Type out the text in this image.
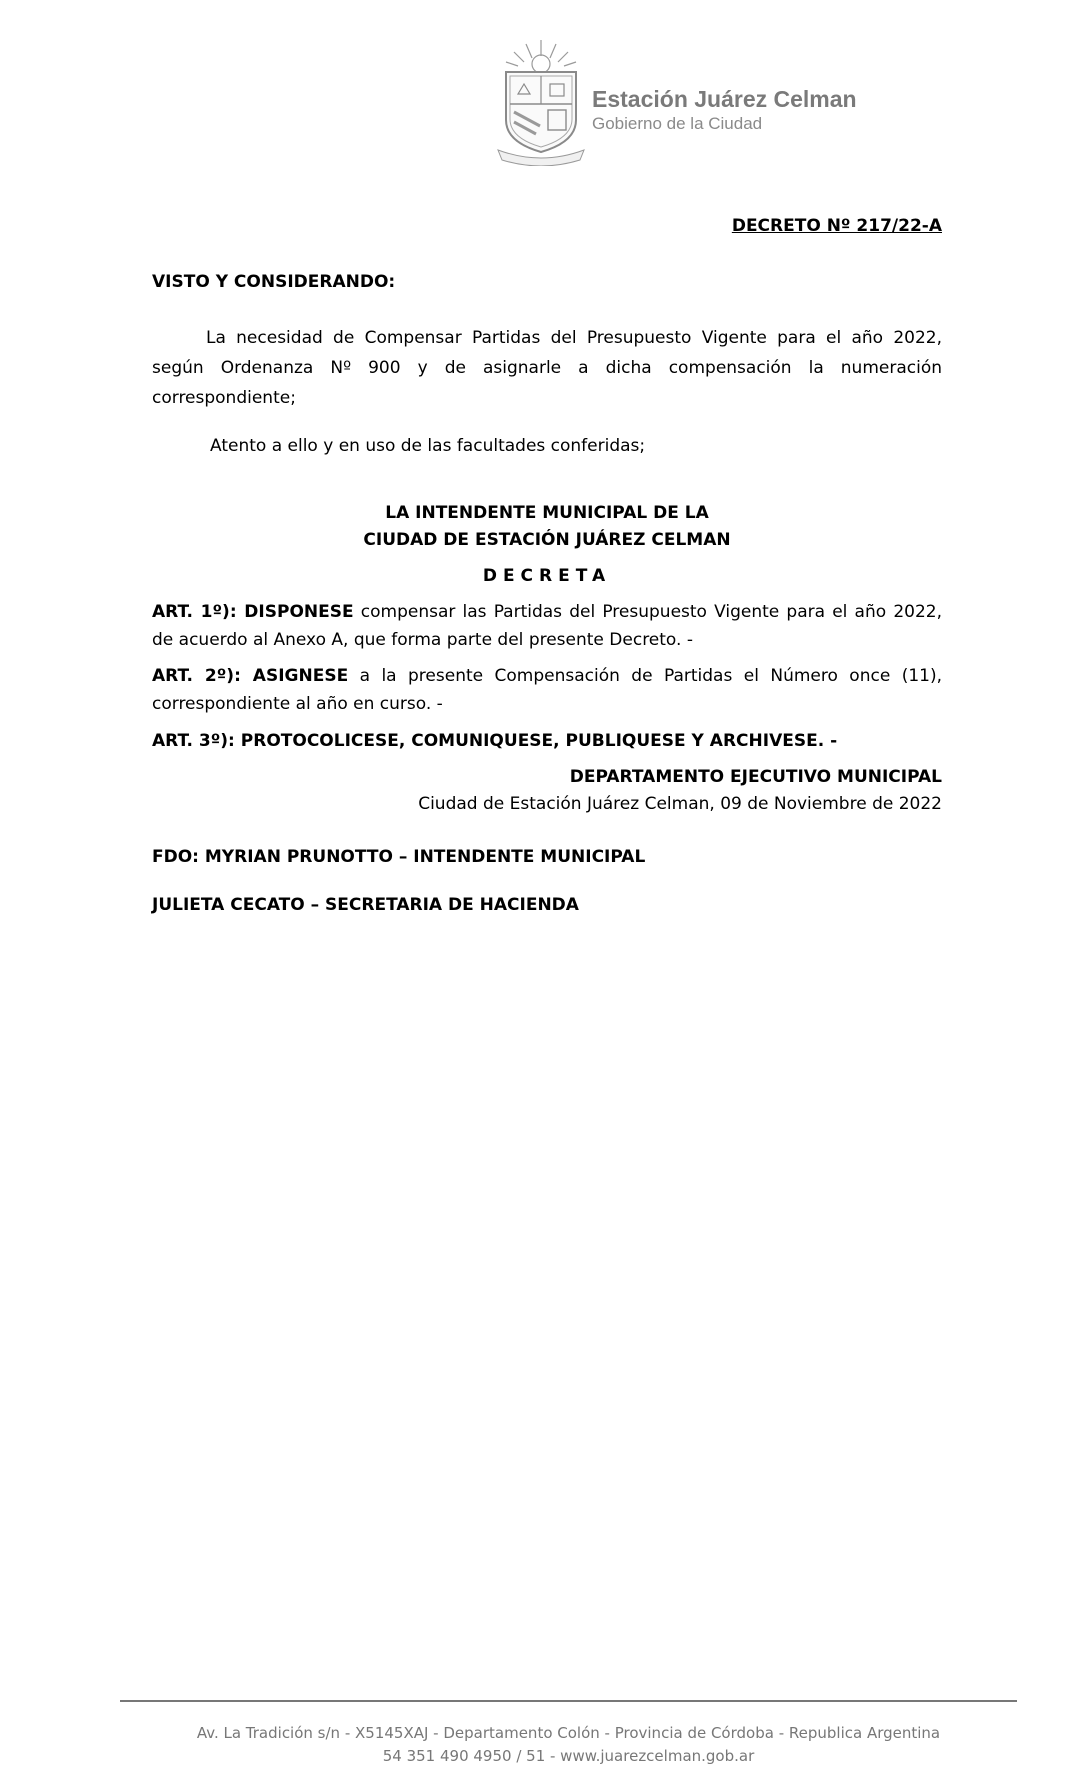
Estación Juárez Celman
Gobierno de la Ciudad
DECRETO Nº 217/22-A
VISTO Y CONSIDERANDO:
La necesidad de Compensar Partidas del Presupuesto Vigente para el año 2022,
según Ordenanza Nº 900 y de asignarle a dicha compensación la numeración
correspondiente;
Atento a ello y en uso de las facultades conferidas;
LA INTENDENTE MUNICIPAL DE LA
CIUDAD DE ESTACIÓN JUÁREZ CELMAN
DECRETA
ART. 1º): DISPONESE compensar las Partidas del Presupuesto Vigente para el año 2022,
de acuerdo al Anexo A, que forma parte del presente Decreto. -
ART. 2º): ASIGNESE a la presente Compensación de Partidas el Número once (11),
correspondiente al año en curso. -
ART. 3º): PROTOCOLICESE, COMUNIQUESE, PUBLIQUESE Y ARCHIVESE. -
DEPARTAMENTO EJECUTIVO MUNICIPAL
Ciudad de Estación Juárez Celman, 09 de Noviembre de 2022
FDO: MYRIAN PRUNOTTO – INTENDENTE MUNICIPAL
JULIETA CECATO – SECRETARIA DE HACIENDA
Av. La Tradición s/n - X5145XAJ - Departamento Colón - Provincia de Córdoba - Republica Argentina
54 351 490 4950 / 51 - www.juarezcelman.gob.ar
